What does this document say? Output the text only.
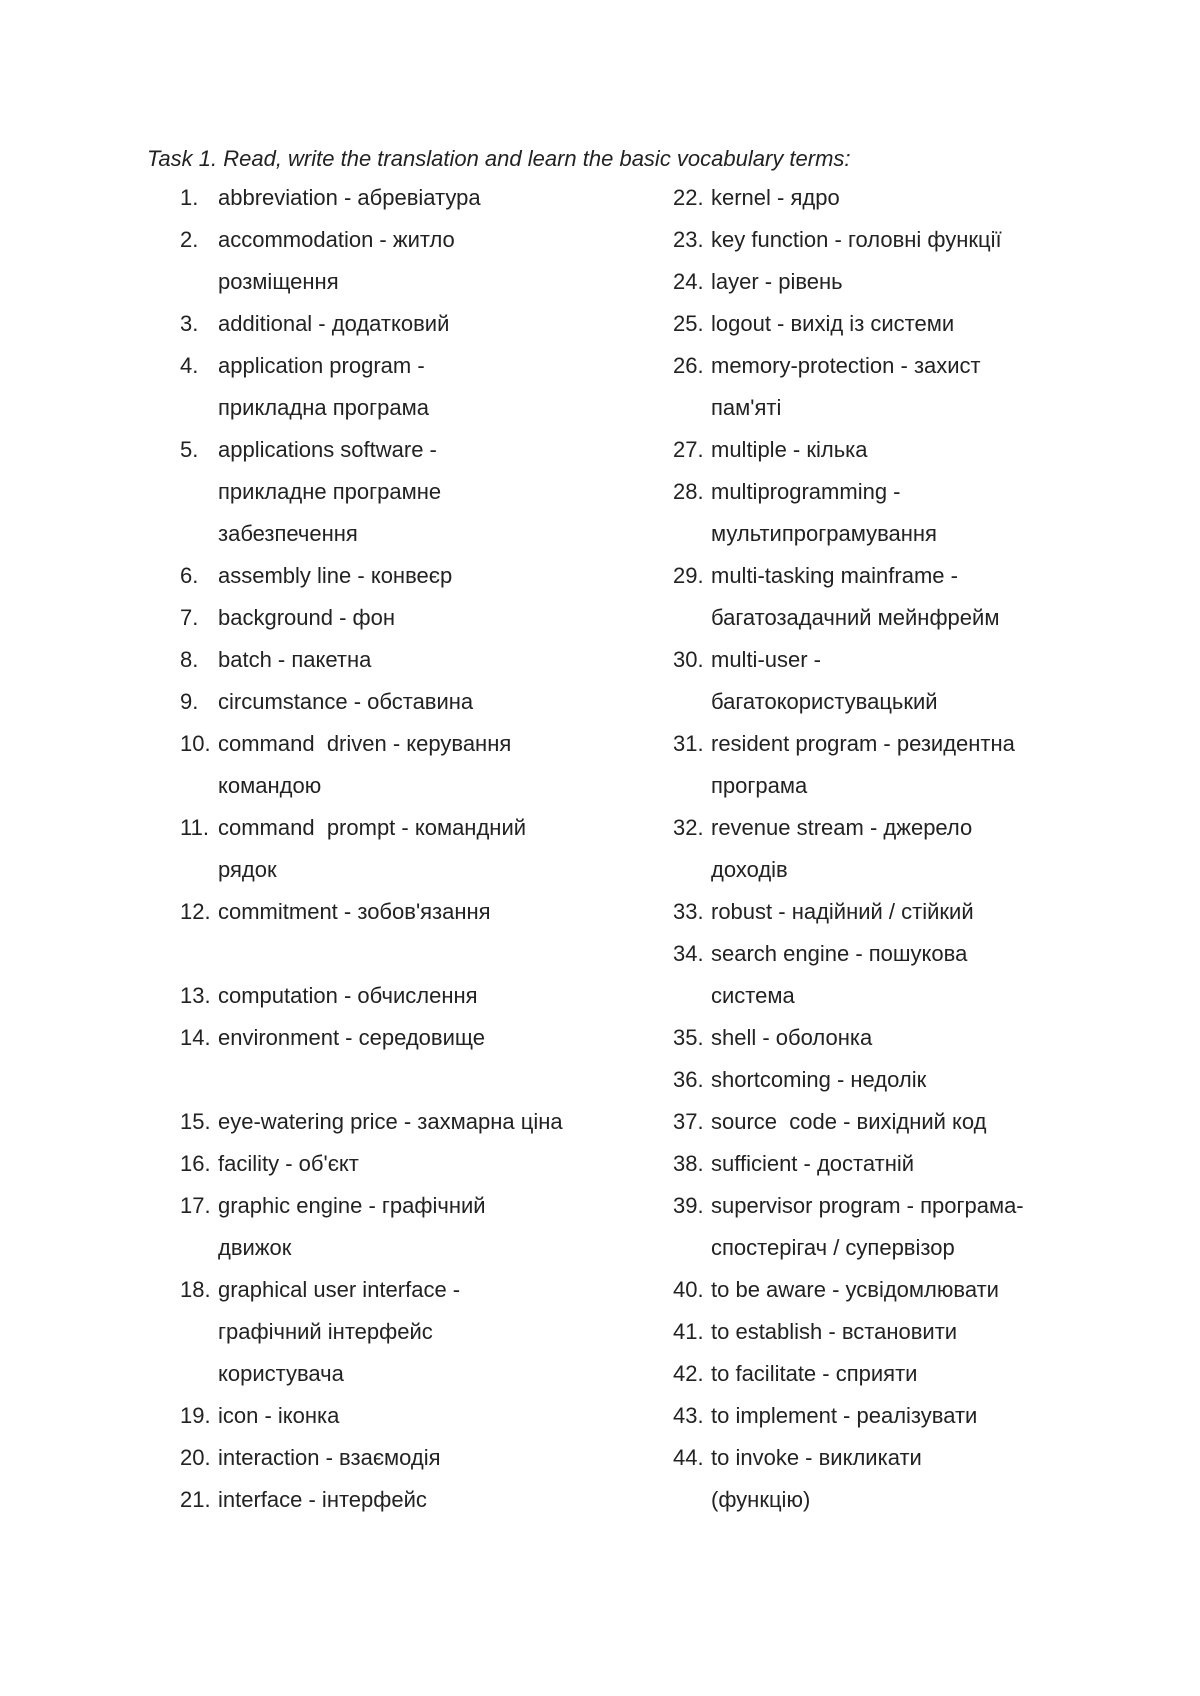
Task 1. Read, write the translation and learn the basic vocabulary terms:

1. abbreviation - абревіатура
2. accommodation - житло розміщення
3. additional - додатковий
4. application program - прикладна програма
5. applications software - прикладне програмне забезпечення
6. assembly line - конвеєр
7. background - фон
8. batch - пакетна
9. circumstance - обставина
10. command  driven - керування командою
11. command  prompt - командний рядок
12. commitment - зобов'язання
13. computation - обчислення
14. environment - середовище
15. eye-watering price - захмарна ціна
16. facility - об'єкт
17. graphic engine - графічний движок
18. graphical user interface - графічний інтерфейс користувача
19. icon - іконка
20. interaction - взаємодія
21. interface - інтерфейс
22. kernel - ядро
23. key function - головні функції
24. layer - рівень
25. logout - вихід із системи
26. memory-protection - захист пам'яті
27. multiple - кілька
28. multiprogramming - мультипрограмування
29. multi-tasking mainframe - багатозадачний мейнфрейм
30. multi-user - багатокористувацький
31. resident program - резидентна програма
32. revenue stream - джерело доходів
33. robust - надійний / стійкий
34. search engine - пошукова система
35. shell - оболонка
36. shortcoming - недолік
37. source  code - вихідний код
38. sufficient - достатній
39. supervisor program - програма-спостерігач / супервізор
40. to be aware - усвідомлювати
41. to establish - встановити
42. to facilitate - сприяти
43. to implement - реалізувати
44. to invoke - викликати (функцію)
